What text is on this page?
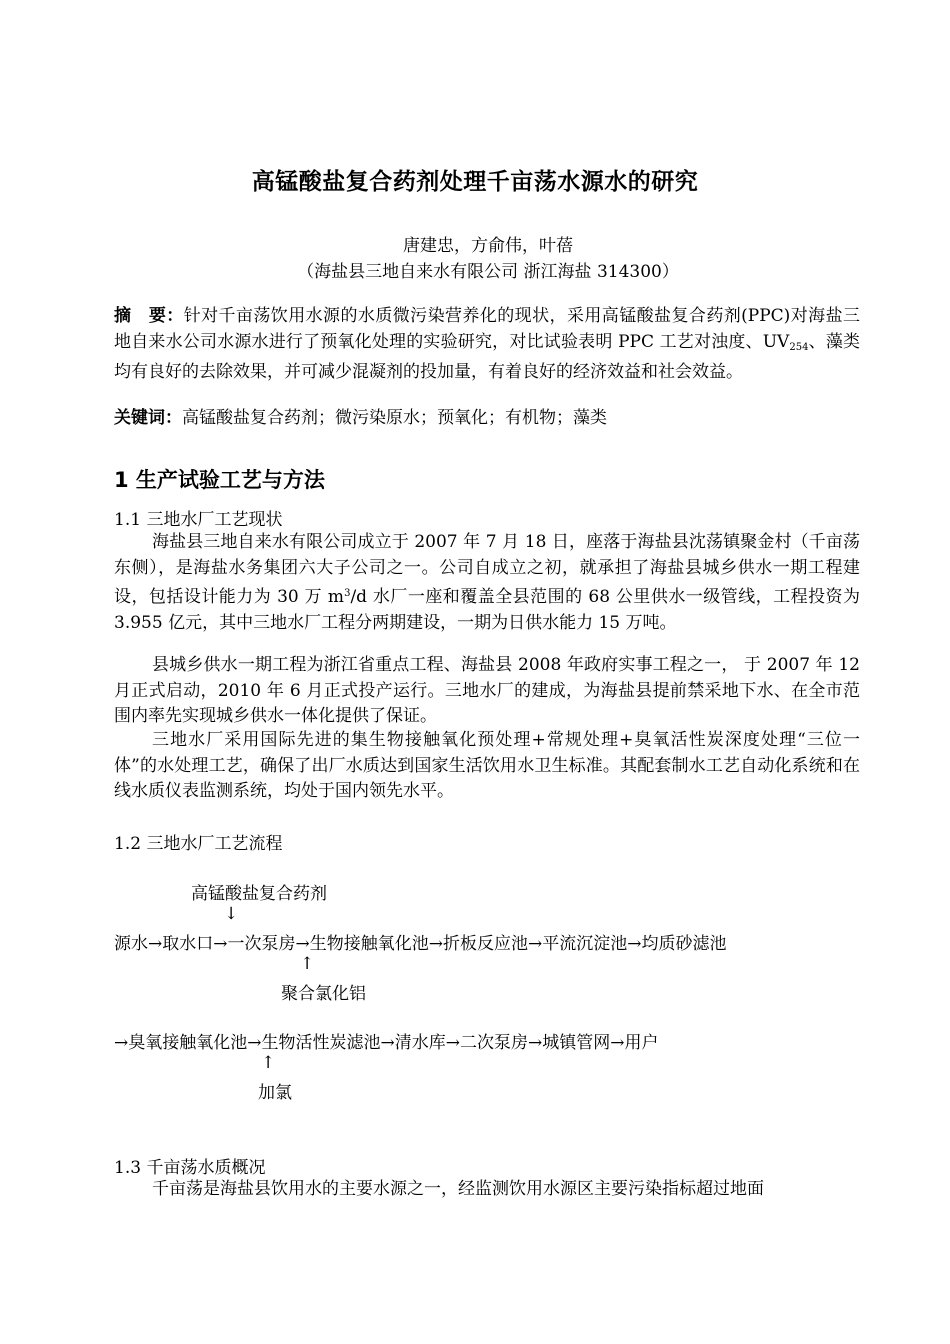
高锰酸盐复合药剂处理千亩荡水源水的研究
唐建忠，方俞伟，叶蓓
（海盐县三地自来水有限公司 浙江海盐 314300）
摘　要：针对千亩荡饮用水源的水质微污染营养化的现状，采用高锰酸盐复合药剂(PPC)对海盐三地自来水公司水源水进行了预氧化处理的实验研究，对比试验表明 PPC 工艺对浊度、$UV_{254}$、藻类均有良好的去除效果，并可减少混凝剂的投加量，有着良好的经济效益和社会效益。
关键词：高锰酸盐复合药剂；微污染原水；预氧化；有机物；藻类
1 生产试验工艺与方法
1.1 三地水厂工艺现状
海盐县三地自来水有限公司成立于 2007 年 7 月 18 日，座落于海盐县沈荡镇聚金村（千亩荡东侧），是海盐水务集团六大子公司之一。公司自成立之初，就承担了海盐县城乡供水一期工程建设，包括设计能力为 30 万 $m^3/d$ 水厂一座和覆盖全县范围的 68 公里供水一级管线，工程投资为 3.955 亿元，其中三地水厂工程分两期建设，一期为日供水能力 15 万吨。
县城乡供水一期工程为浙江省重点工程、海盐县 2008 年政府实事工程之一， 于 2007 年 12 月正式启动，2010 年 6 月正式投产运行。三地水厂的建成，为海盐县提前禁采地下水、在全市范围内率先实现城乡供水一体化提供了保证。
三地水厂采用国际先进的集生物接触氧化预处理+常规处理+臭氧活性炭深度处理“三位一体”的水处理工艺，确保了出厂水质达到国家生活饮用水卫生标准。其配套制水工艺自动化系统和在线水质仪表监测系统，均处于国内领先水平。
1.2 三地水厂工艺流程
高锰酸盐复合药剂
↓
源水→取水口→一次泵房→生物接触氧化池→折板反应池→平流沉淀池→均质砂滤池
↑
聚合氯化铝
→臭氧接触氧化池→生物活性炭滤池→清水库→二次泵房→城镇管网→用户
↑
加氯
1.3 千亩荡水质概况
千亩荡是海盐县饮用水的主要水源之一，经监测饮用水源区主要污染指标超过地面
